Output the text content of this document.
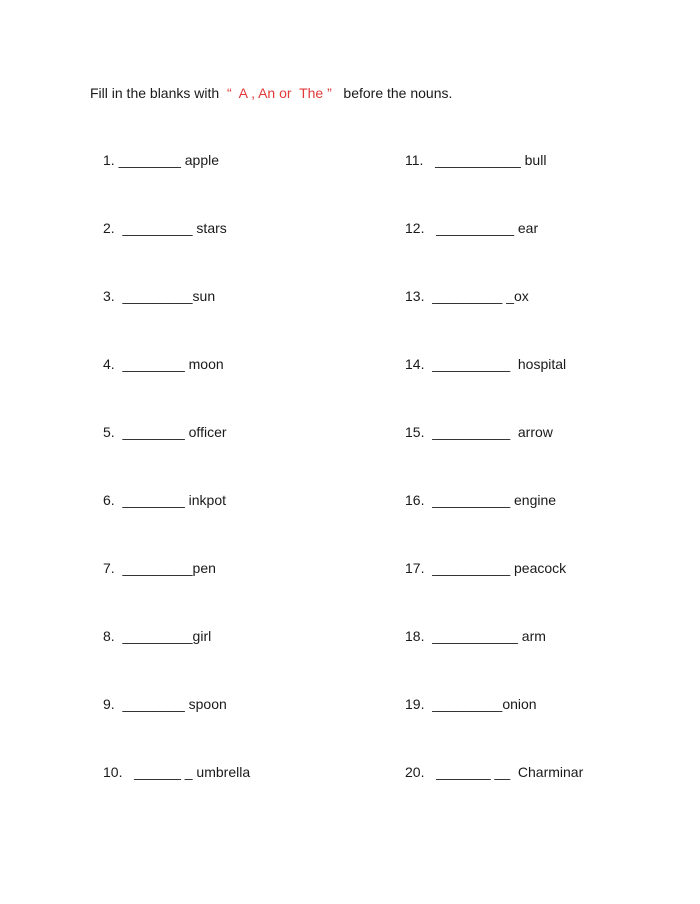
Fill in the blanks with  “  A , An or  The ”   before the nouns.
1. ________ apple
2.  _________ stars
3.  _________sun
4.  ________ moon
5.  ________ officer
6.  ________ inkpot
7.  _________pen
8.  _________girl
9.  ________ spoon
10.   ______ _ umbrella
11.   ___________ bull
12.   __________ ear
13.  _________ _ox
14.  __________  hospital
15.  __________  arrow
16.  __________ engine
17.  __________ peacock
18.  ___________ arm
19.  _________onion
20.   _______ __  Charminar
